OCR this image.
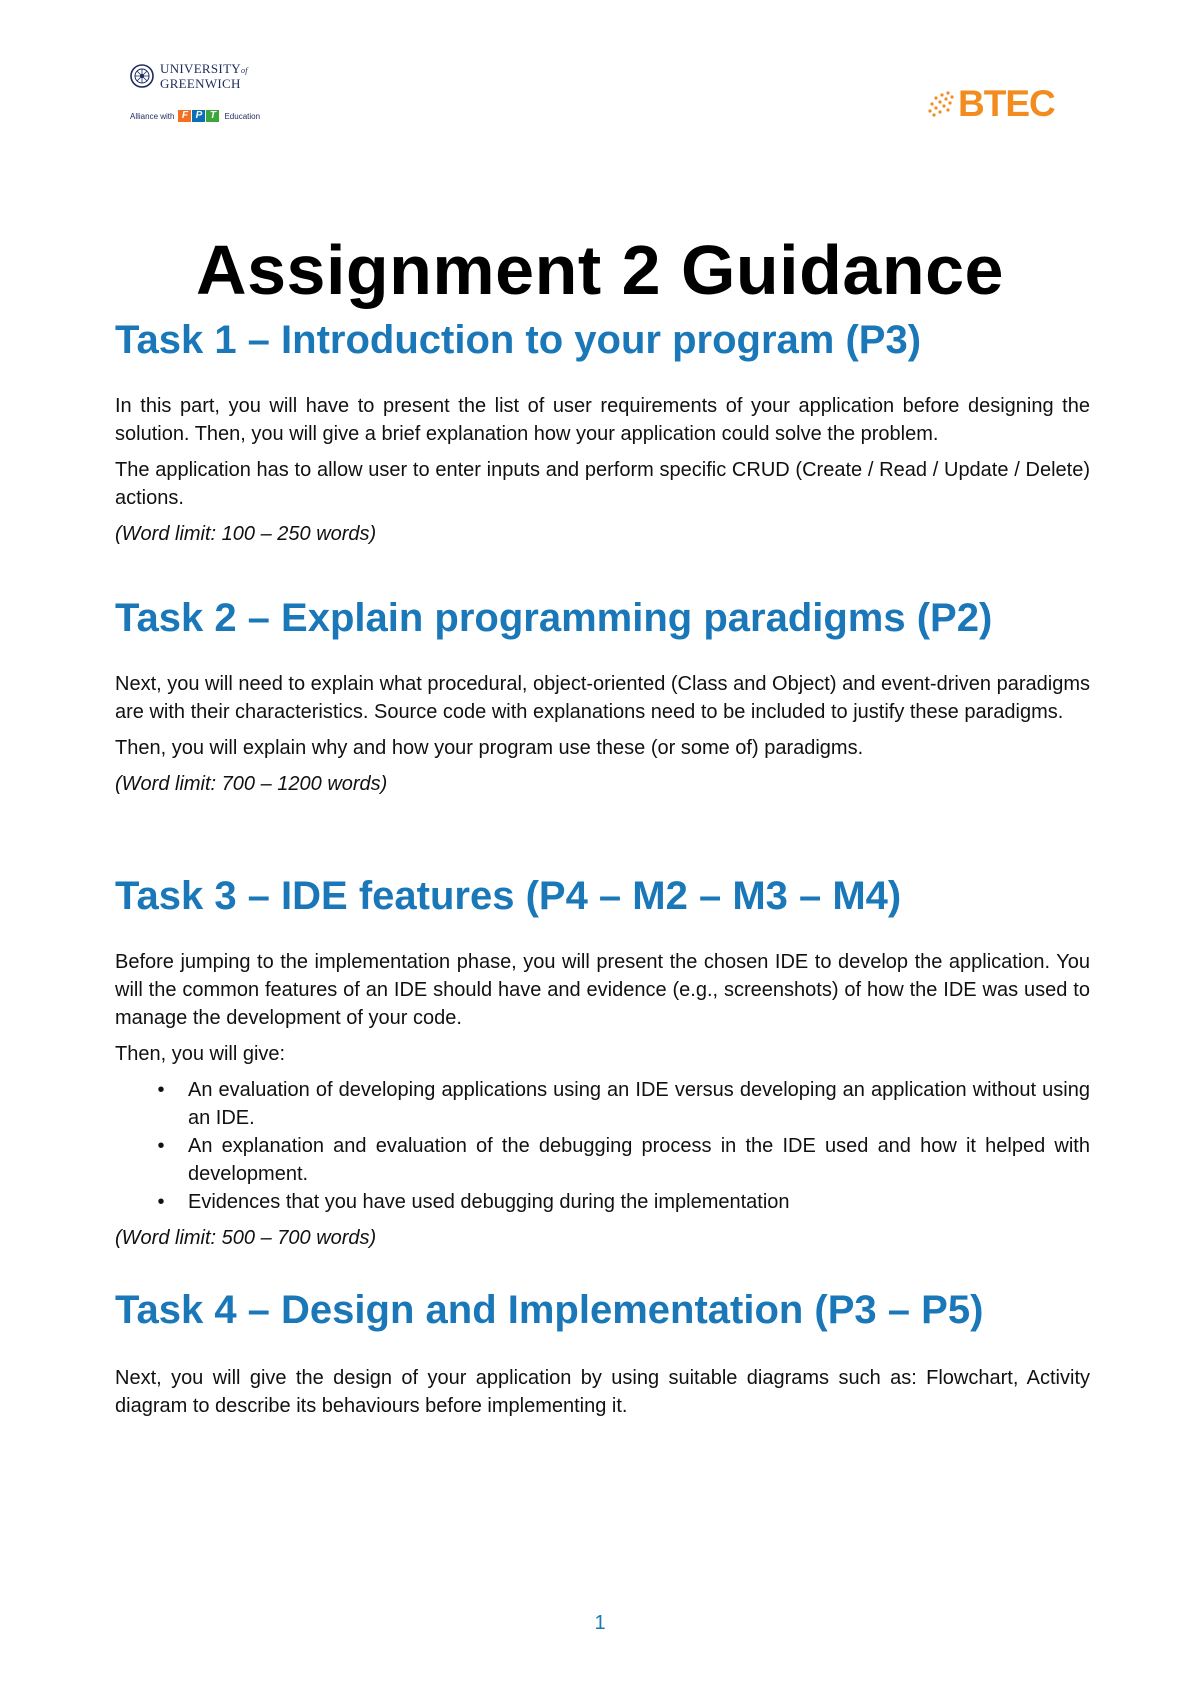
UNIVERSITYof
GREENWICH
Alliance with F P T	Education	BTEC
Assignment 2 Guidance
Task 1 – Introduction to your program (P3)
In this part, you will have to present the list of user requirements of your application before designing the solution. Then, you will give a brief explanation how your application could solve the problem.
The application has to allow user to enter inputs and perform specific CRUD (Create / Read / Update / Delete) actions.
(Word limit: 100 – 250 words)
Task 2 – Explain programming paradigms (P2)
Next, you will need to explain what procedural, object-oriented (Class and Object) and event-driven paradigms are with their characteristics. Source code with explanations need to be included to justify these paradigms.
Then, you will explain why and how your program use these (or some of) paradigms.
(Word limit: 700 – 1200 words)
Task 3 – IDE features (P4 – M2 – M3 – M4)
Before jumping to the implementation phase, you will present the chosen IDE to develop the application. You will the common features of an IDE should have and evidence (e.g., screenshots) of how the IDE was used to manage the development of your code.
Then, you will give:
• An evaluation of developing applications using an IDE versus developing an application without using an IDE.
• An explanation and evaluation of the debugging process in the IDE used and how it helped with development.
• Evidences that you have used debugging during the implementation
(Word limit: 500 – 700 words)
Task 4 – Design and Implementation (P3 – P5)
Next, you will give the design of your application by using suitable diagrams such as: Flowchart, Activity diagram to describe its behaviours before implementing it.
1
